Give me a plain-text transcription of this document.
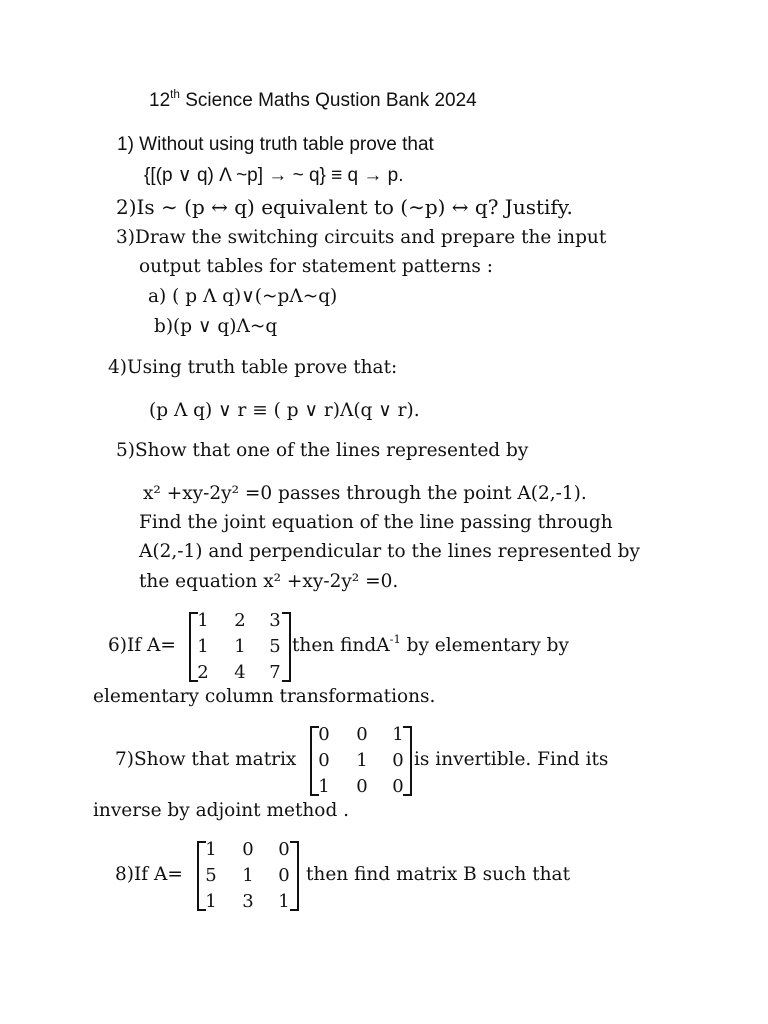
12th Science Maths Qustion Bank 2024
1) Without using truth table prove that
{[(p ∨ q) Λ ~p] → ~ q} ≡ q → p.
2)Is ∼ (p ↔ q) equivalent to (∼p) ↔ q? Justify.
3)Draw the switching circuits and prepare the input
output tables for statement patterns :
a) ( p Λ q)∨(~pΛ~q)
b)(p ∨ q)Λ~q
4)Using truth table prove that:
(p Λ q) ∨ r ≡ ( p ∨ r)Λ(q ∨ r).
5)Show that one of the lines represented by
x² +xy-2y² =0 passes through the point A(2,-1).
Find the joint equation of the line passing through
A(2,-1) and perpendicular to the lines represented by
the equation x² +xy-2y² =0.
6)If A=
1 2 3
1 1 5
2 4 7
then findA$^{-1}$ by elementary by
elementary column transformations.
7)Show that matrix
0 0 1
0 1 0
1 0 0
is invertible. Find its
inverse by adjoint method .
8)If A=
1 0 0
5 1 0
1 3 1
then find matrix B such that
